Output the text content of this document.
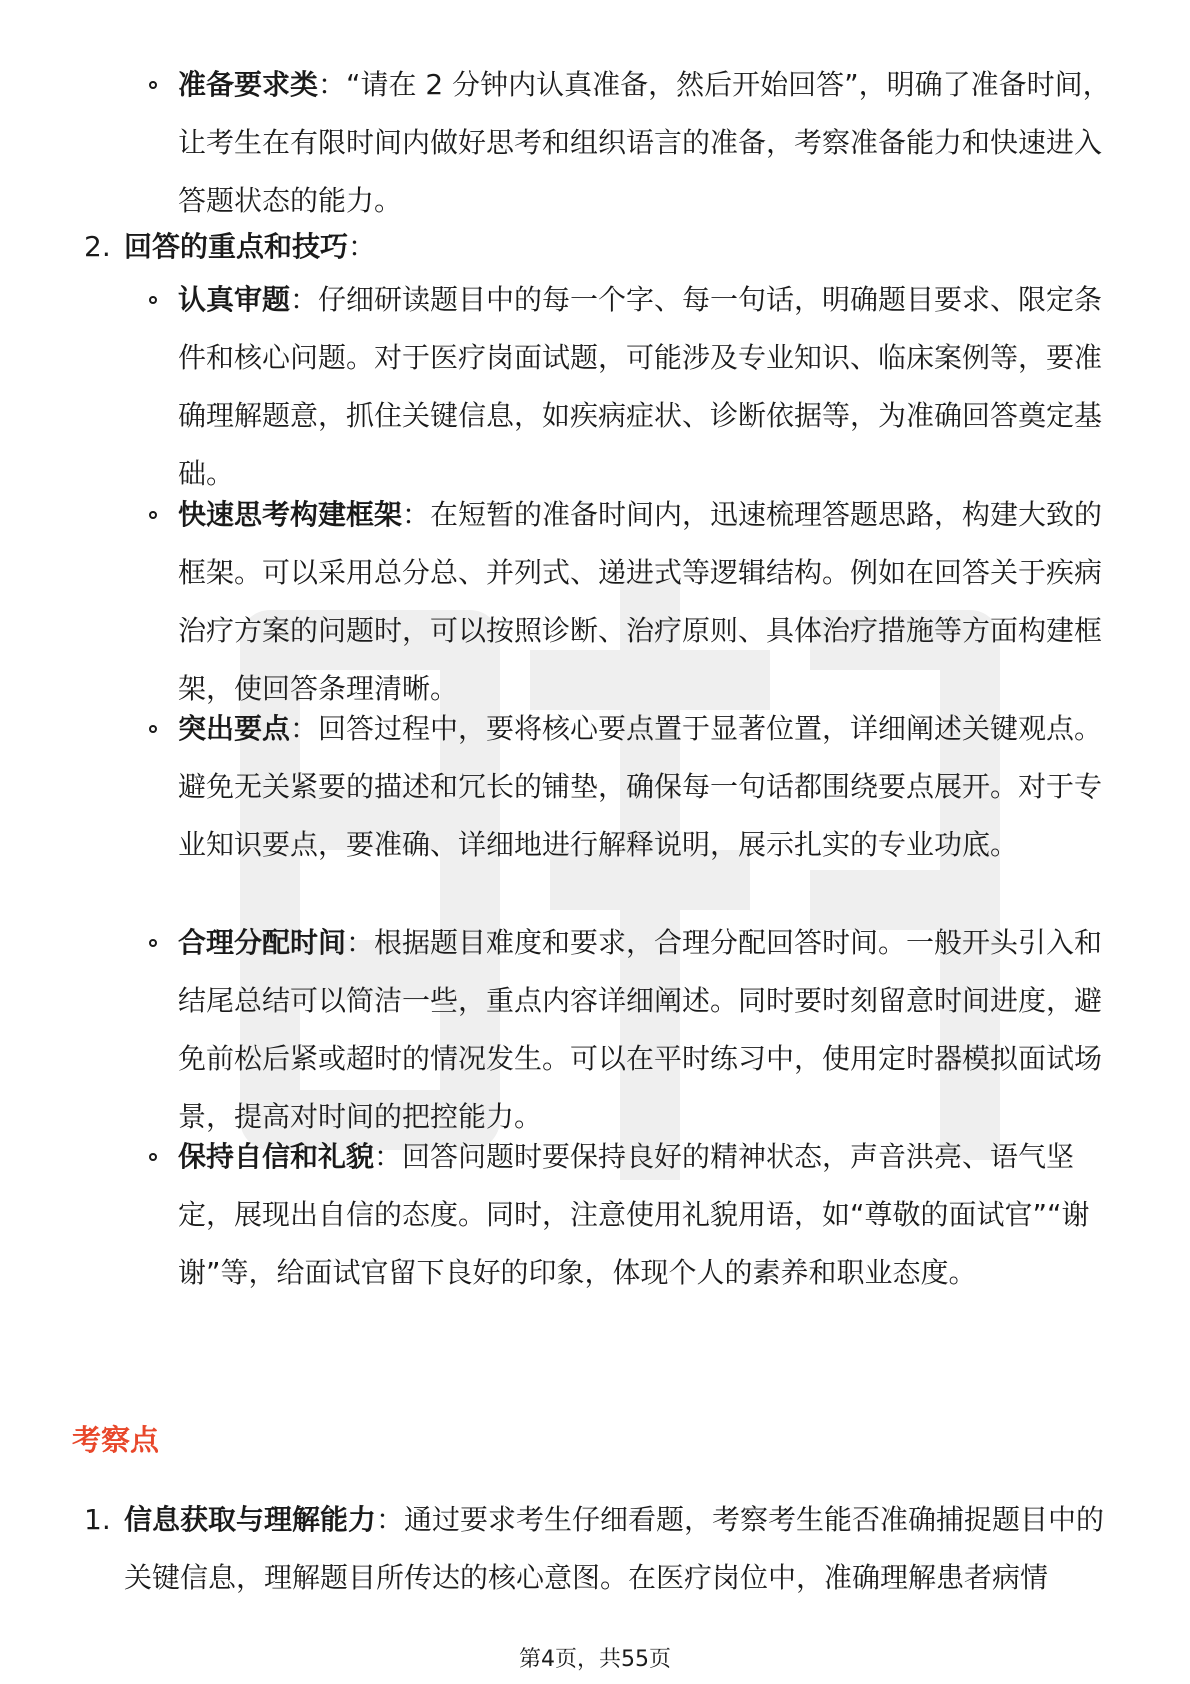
准备要求类：“请在 2 分钟内认真准备，然后开始回答”，明确了准备时间，让考生在有限时间内做好思考和组织语言的准备，考察准备能力和快速进入答题状态的能力。
2. 回答的重点和技巧：
认真审题：仔细研读题目中的每一个字、每一句话，明确题目要求、限定条件和核心问题。对于医疗岗面试题，可能涉及专业知识、临床案例等，要准确理解题意，抓住关键信息，如疾病症状、诊断依据等，为准确回答奠定基础。
快速思考构建框架：在短暂的准备时间内，迅速梳理答题思路，构建大致的框架。可以采用总分总、并列式、递进式等逻辑结构。例如在回答关于疾病治疗方案的问题时，可以按照诊断、治疗原则、具体治疗措施等方面构建框架，使回答条理清晰。
突出要点：回答过程中，要将核心要点置于显著位置，详细阐述关键观点。避免无关紧要的描述和冗长的铺垫，确保每一句话都围绕要点展开。对于专业知识要点，要准确、详细地进行解释说明，展示扎实的专业功底。
合理分配时间：根据题目难度和要求，合理分配回答时间。一般开头引入和结尾总结可以简洁一些，重点内容详细阐述。同时要时刻留意时间进度，避免前松后紧或超时的情况发生。可以在平时练习中，使用定时器模拟面试场景，提高对时间的把控能力。
保持自信和礼貌：回答问题时要保持良好的精神状态，声音洪亮、语气坚定，展现出自信的态度。同时，注意使用礼貌用语，如“尊敬的面试官”“谢谢”等，给面试官留下良好的印象，体现个人的素养和职业态度。
考察点
1. 信息获取与理解能力：通过要求考生仔细看题，考察考生能否准确捕捉题目中的关键信息，理解题目所传达的核心意图。在医疗岗位中，准确理解患者病情
第4页，共55页
